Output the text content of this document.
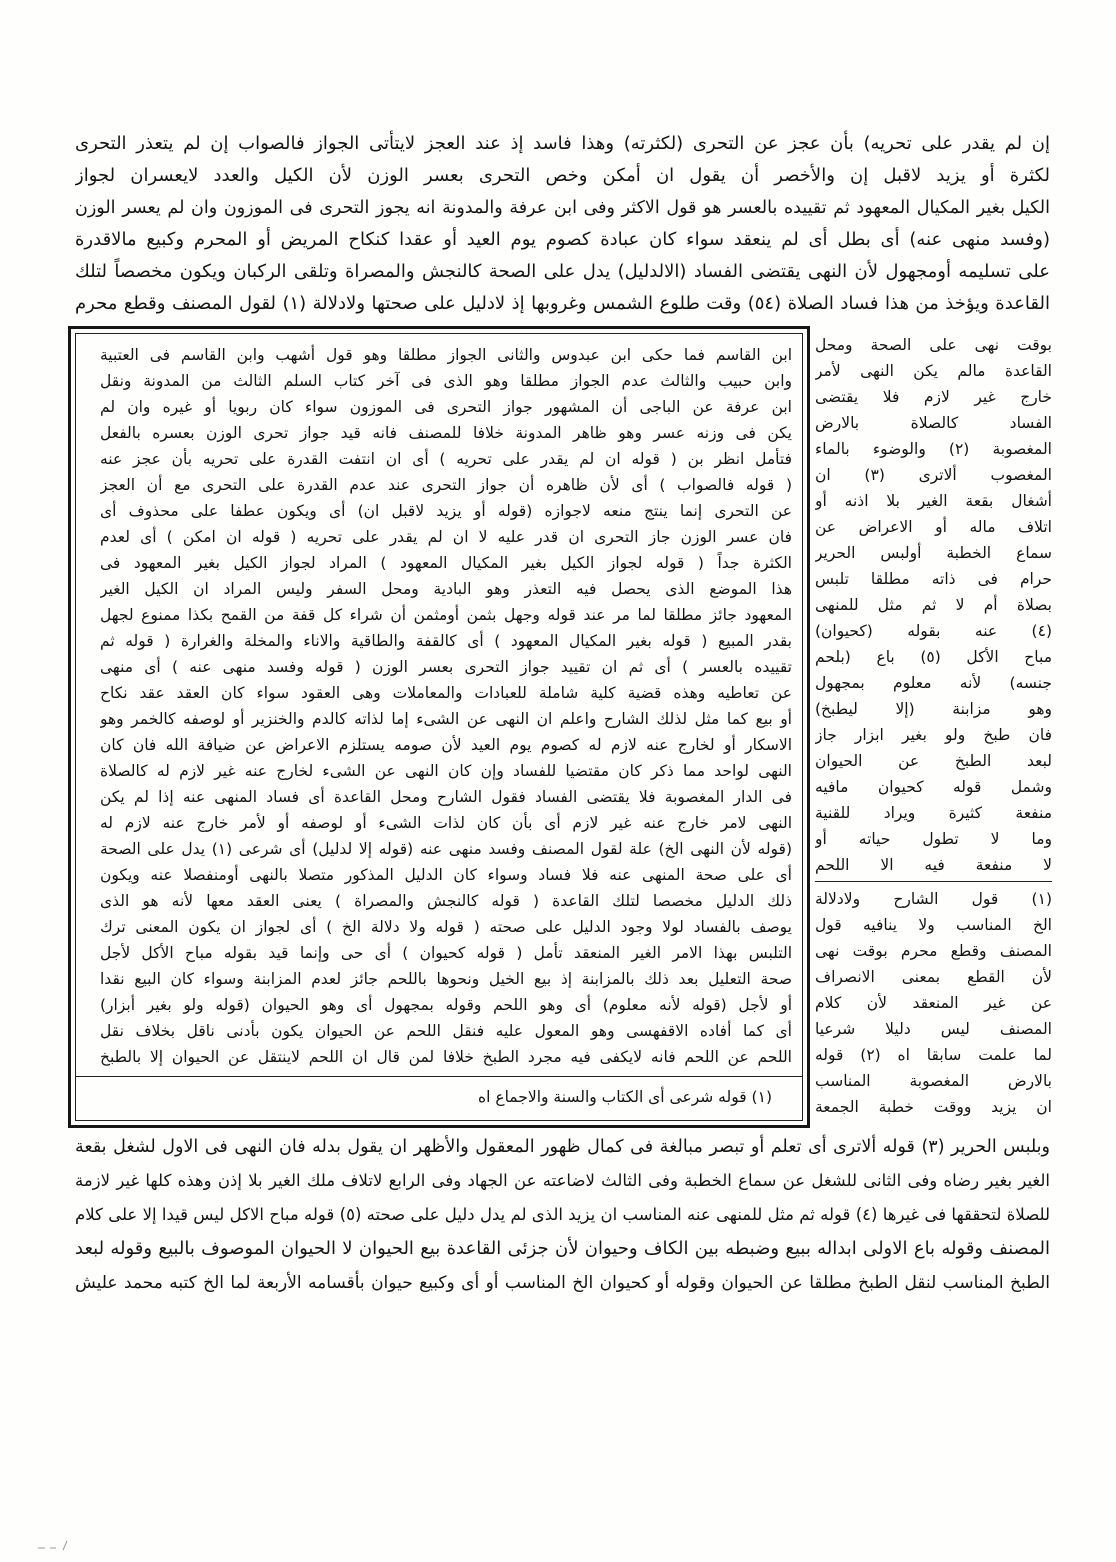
إن لم يقدر على تحريه) بأن عجز عن التحرى (لكثرته) وهذا فاسد إذ عند العجز لايتأتى الجواز فالصواب إن لم يتعذر التحرى
لكثرة أو يزيد لاقبل إن والأخصر أن يقول ان أمكن وخص التحرى بعسر الوزن لأن الكيل والعدد لايعسران لجواز
الكيل بغير المكيال المعهود ثم تقييده بالعسر هو قول الاكثر وفى ابن عرفة والمدونة انه يجوز التحرى فى الموزون وان لم يعسر الوزن
(وفسد منهى عنه) أى بطل أى لم ينعقد سواء كان عبادة كصوم يوم العيد أو عقدا كنكاح المريض أو المحرم وكبيع مالاقدرة
على تسليمه أومجهول لأن النهى يقتضى الفساد (الالدليل) يدل على الصحة كالنجش والمصراة وتلقى الركبان ويكون مخصصاً لتلك
القاعدة ويؤخذ من هذا فساد الصلاة (٥٤) وقت طلوع الشمس وغروبها إذ لادليل على صحتها ولادلالة (١) لقول المصنف وقطع محرم
ابن القاسم فما حكى ابن عبدوس والثانى الجواز مطلقا وهو قول أشهب وابن القاسم فى العتبية
وابن حبيب والثالث عدم الجواز مطلقا وهو الذى فى آخر كتاب السلم الثالث من المدونة ونقل
ابن عرفة عن الباجى أن المشهور جواز التحرى فى الموزون سواء كان ربويا أو غيره وان لم
يكن فى وزنه عسر وهو ظاهر المدونة خلافا للمصنف فانه قيد جواز تحرى الوزن بعسره بالفعل
فتأمل انظر بن ( قوله ان لم يقدر على تحريه ) أى ان انتفت القدرة على تحريه بأن عجز عنه
( قوله فالصواب ) أى لأن ظاهره أن جواز التحرى عند عدم القدرة على التحرى مع أن العجز
عن التحرى إنما ينتج منعه لاجوازه (قوله أو يزيد لاقبل ان) أى ويكون عطفا على محذوف أى
فان عسر الوزن جاز التحرى ان قدر عليه لا ان لم يقدر على تحريه ( قوله ان امكن ) أى لعدم
الكثرة جداً ( قوله لجواز الكيل بغير المكيال المعهود ) المراد لجواز الكيل بغير المعهود فى
هذا الموضع الذى يحصل فيه التعذر وهو البادية ومحل السفر وليس المراد ان الكيل الغير
المعهود جائز مطلقا لما مر عند قوله وجهل بثمن أومثمن أن شراء كل قفة من القمح بكذا ممنوع لجهل
بقدر المبيع ( قوله بغير المكيال المعهود ) أى كالقفة والطاقية والاناء والمخلة والغرارة ( قوله ثم
تقييده بالعسر ) أى ثم ان تقييد جواز التحرى بعسر الوزن ( قوله وفسد منهى عنه ) أى منهى
عن تعاطيه وهذه قضية كلية شاملة للعبادات والمعاملات وهى العقود سواء كان العقد عقد نكاح
أو بيع كما مثل لذلك الشارح واعلم ان النهى عن الشىء إما لذاته كالدم والخنزير أو لوصفه كالخمر وهو
الاسكار أو لخارج عنه لازم له كصوم يوم العيد لأن صومه يستلزم الاعراض عن ضيافة الله فان كان
النهى لواحد مما ذكر كان مقتضيا للفساد وإن كان النهى عن الشىء لخارج عنه غير لازم له كالصلاة
فى الدار المغصوبة فلا يقتضى الفساد فقول الشارح ومحل القاعدة أى فساد المنهى عنه إذا لم يكن
النهى لامر خارج عنه غير لازم أى بأن كان لذات الشىء أو لوصفه أو لأمر خارج عنه لازم له
(قوله لأن النهى الخ) علة لقول المصنف وفسد منهى عنه (قوله إلا لدليل) أى شرعى (١) يدل على الصحة
أى على صحة المنهى عنه فلا فساد وسواء كان الدليل المذكور متصلا بالنهى أومنفصلا عنه ويكون
ذلك الدليل مخصصا لتلك القاعدة ( قوله كالنجش والمصراة ) يعنى العقد معها لأنه هو الذى
يوصف بالفساد لولا وجود الدليل على صحته ( قوله ولا دلالة الخ ) أى لجواز ان يكون المعنى ترك
التلبس بهذا الامر الغير المنعقد تأمل ( قوله كحيوان ) أى حى وإنما قيد بقوله مباح الأكل لأجل
صحة التعليل بعد ذلك بالمزابنة إذ بيع الخيل ونحوها باللحم جائز لعدم المزابنة وسواء كان البيع نقدا
أو لأجل (قوله لأنه معلوم) أى وهو اللحم وقوله بمجهول أى وهو الحيوان (قوله ولو بغير أبزار)
أى كما أفاده الاقفهسى وهو المعول عليه فنقل اللحم عن الحيوان يكون بأدنى ناقل بخلاف نقل
اللحم عن اللحم فانه لايكفى فيه مجرد الطبخ خلافا لمن قال ان اللحم لاينتقل عن الحيوان إلا بالطبخ
(١) قوله شرعى أى الكتاب والسنة والاجماع اه
بوقت نهى على الصحة ومحل
القاعدة مالم يكن النهى لأمر
خارج غير لازم فلا يقتضى
الفساد كالصلاة بالارض
المغصوبة (٢) والوضوء بالماء
المغصوب ألاترى (٣) ان
أشغال بقعة الغير بلا اذنه أو
اتلاف ماله أو الاعراض عن
سماع الخطبة أولبس الحرير
حرام فى ذاته مطلقا تلبس
بصلاة أم لا ثم مثل للمنهى
(٤) عنه بقوله (كحيوان)
مباح الأكل (٥) باع (بلحم
جنسه) لأنه معلوم بمجهول
وهو مزابنة (إلا ليطبخ)
فان طبخ ولو بغير ابزار جاز
لبعد الطبخ عن الحيوان
وشمل قوله كحيوان مافيه
منفعة كثيرة ويراد للقنية
وما لا تطول حياته أو
لا منفعة فيه الا اللحم
(١) قول الشارح ولادلالة
الخ المناسب ولا ينافيه قول
المصنف وقطع محرم بوقت نهى
لأن القطع بمعنى الانصراف
عن غير المنعقد لأن كلام
المصنف ليس دليلا شرعيا
لما علمت سابقا اه (٢) قوله
بالارض المغصوبة المناسب
ان يزيد ووقت خطبة الجمعة
وبلبس الحرير (٣) قوله ألاترى أى تعلم أو تبصر مبالغة فى كمال ظهور المعقول والأظهر ان يقول بدله فان النهى فى الاول لشغل بقعة
الغير بغير رضاه وفى الثانى للشغل عن سماع الخطبة وفى الثالث لاضاعته عن الجهاد وفى الرابع لاتلاف ملك الغير بلا إذن وهذه كلها غير لازمة
للصلاة لتحققها فى غيرها (٤) قوله ثم مثل للمنهى عنه المناسب ان يزيد الذى لم يدل دليل على صحته (٥) قوله مباح الاكل ليس قيدا إلا على كلام
المصنف وقوله باع الاولى ابداله ببيع وضبطه بين الكاف وحيوان لأن جزئى القاعدة بيع الحيوان لا الحيوان الموصوف بالبيع وقوله لبعد
الطبخ المناسب لنقل الطبخ مطلقا عن الحيوان وقوله أو كحيوان الخ المناسب أو أى وكبيع حيوان بأقسامه الأربعة لما الخ كتبه محمد عليش
